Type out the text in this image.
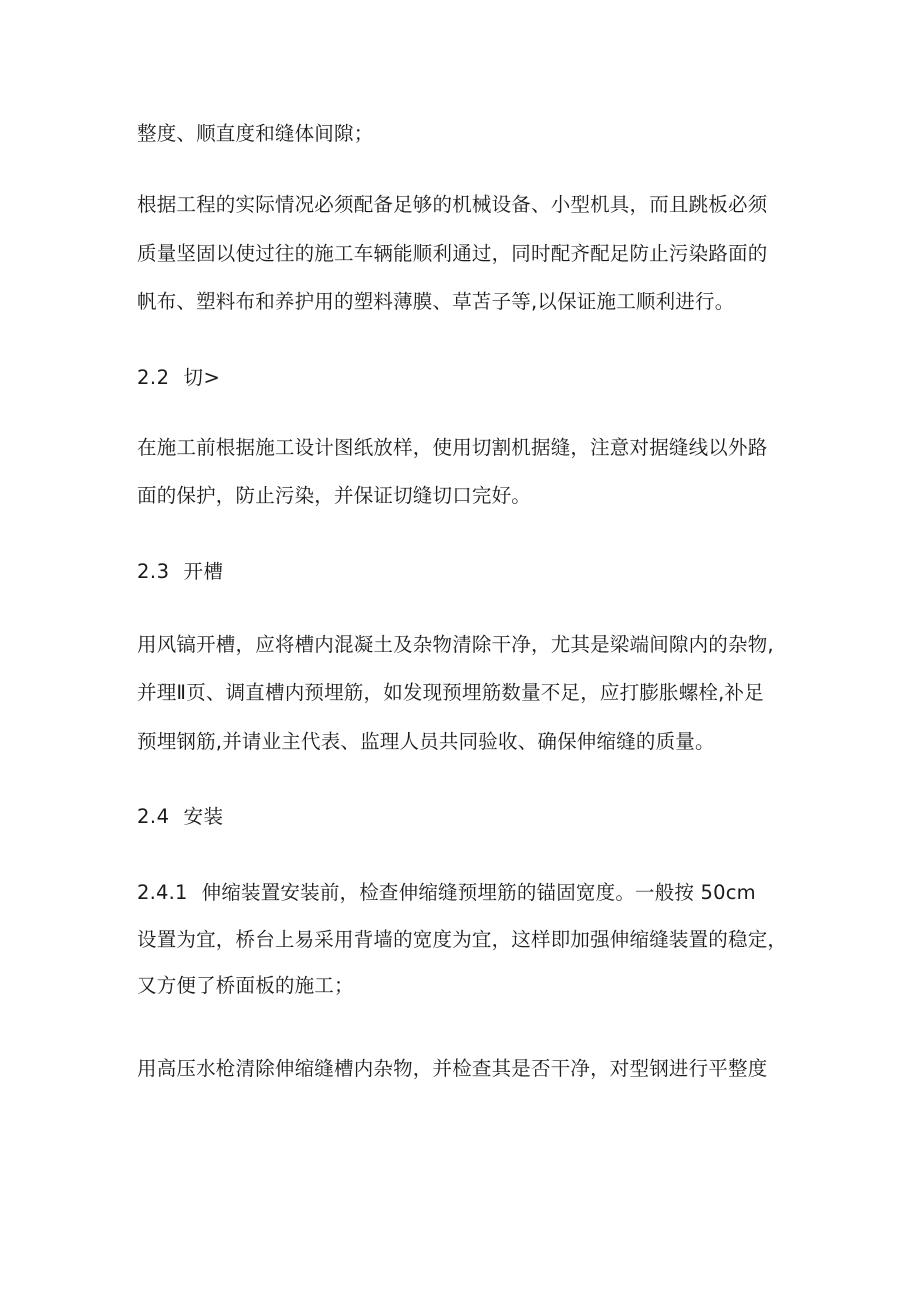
整度、顺直度和缝体间隙；
根据工程的实际情况必须配备足够的机械设备、小型机具，而且跳板必须
质量坚固以使过往的施工车辆能顺利通过，同时配齐配足防止污染路面的
帆布、塑料布和养护用的塑料薄膜、草苫子等,以保证施工顺利进行。
2.2 切>
在施工前根据施工设计图纸放样，使用切割机据缝，注意对据缝线以外路
面的保护，防止污染，并保证切缝切口完好。
2.3 开槽
用风镐开槽，应将槽内混凝土及杂物清除干净，尤其是梁端间隙内的杂物,
并理Ⅱ页、调直槽内预埋筋，如发现预埋筋数量不足，应打膨胀螺栓,补足
预埋钢筋,并请业主代表、监理人员共同验收、确保伸缩缝的质量。
2.4 安装
2.4.1 伸缩装置安装前，检查伸缩缝预埋筋的锚固宽度。一般按 50cm
设置为宜，桥台上易采用背墙的宽度为宜，这样即加强伸缩缝装置的稳定，
又方便了桥面板的施工；
用高压水枪清除伸缩缝槽内杂物，并检查其是否干净，对型钢进行平整度
